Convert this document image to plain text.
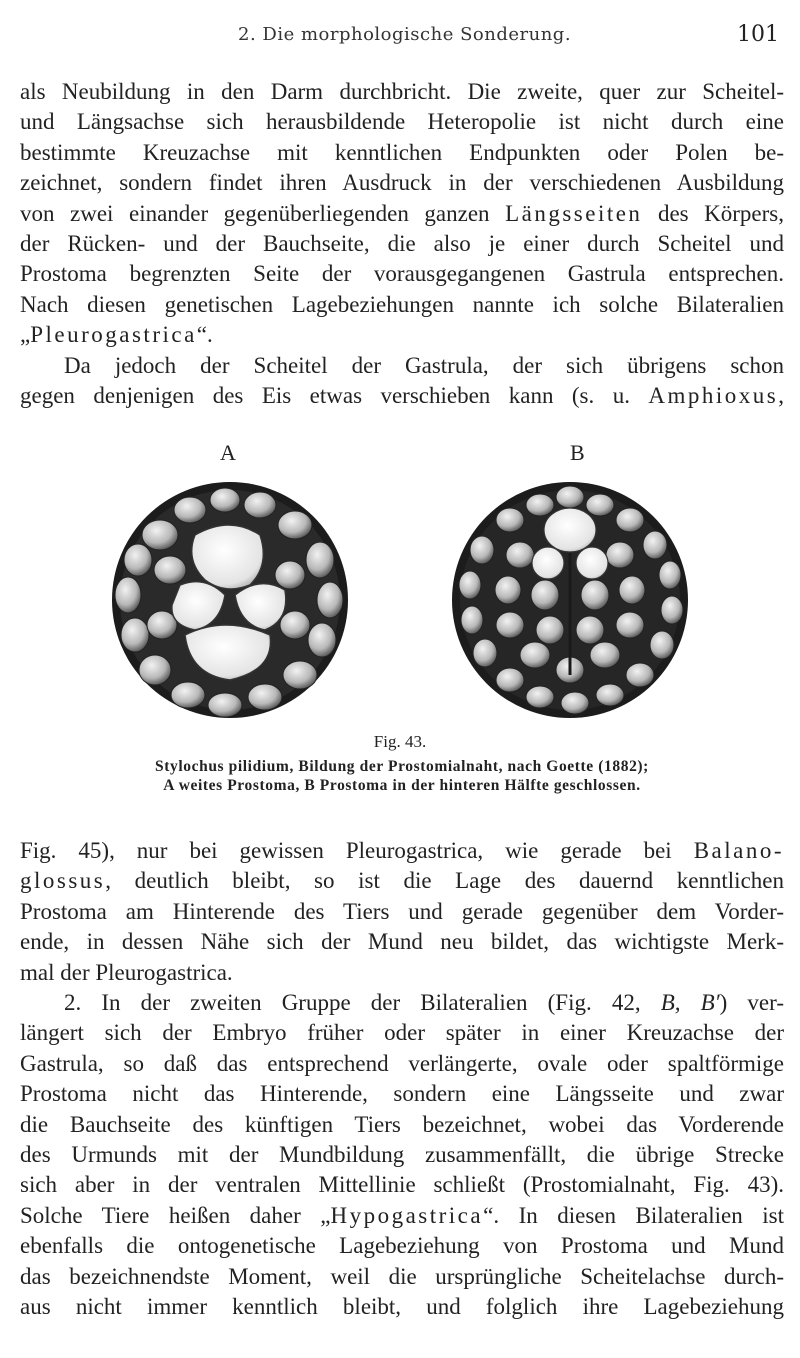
2. Die morphologische Sonderung.	101
als Neubildung in den Darm durchbricht. Die zweite, quer zur Scheitel-
und Längsachse sich herausbildende Heteropolie ist nicht durch eine
bestimmte Kreuzachse mit kenntlichen Endpunkten oder Polen be-
zeichnet, sondern findet ihren Ausdruck in der verschiedenen Ausbildung
von zwei einander gegenüberliegenden ganzen Längsseiten des Körpers,
der Rücken- und der Bauchseite, die also je einer durch Scheitel und
Prostoma begrenzten Seite der vorausgegangenen Gastrula entsprechen.
Nach diesen genetischen Lagebeziehungen nannte ich solche Bilateralien
„Pleurogastrica“.
Da jedoch der Scheitel der Gastrula, der sich übrigens schon
gegen denjenigen des Eis etwas verschieben kann (s. u. Amphioxus,
A	B
Fig. 43.
Stylochus pilidium, Bildung der Prostomialnaht, nach Goette (1882);
A weites Prostoma, B Prostoma in der hinteren Hälfte geschlossen.
Fig. 45), nur bei gewissen Pleurogastrica, wie gerade bei Balano-
glossus, deutlich bleibt, so ist die Lage des dauernd kenntlichen
Prostoma am Hinterende des Tiers und gerade gegenüber dem Vorder-
ende, in dessen Nähe sich der Mund neu bildet, das wichtigste Merk-
mal der Pleurogastrica.
2. In der zweiten Gruppe der Bilateralien (Fig. 42, B, B′) ver-
längert sich der Embryo früher oder später in einer Kreuzachse der
Gastrula, so daß das entsprechend verlängerte, ovale oder spaltförmige
Prostoma nicht das Hinterende, sondern eine Längsseite und zwar
die Bauchseite des künftigen Tiers bezeichnet, wobei das Vorderende
des Urmunds mit der Mundbildung zusammenfällt, die übrige Strecke
sich aber in der ventralen Mittellinie schließt (Prostomialnaht, Fig. 43).
Solche Tiere heißen daher „Hypogastrica“. In diesen Bilateralien ist
ebenfalls die ontogenetische Lagebeziehung von Prostoma und Mund
das bezeichnendste Moment, weil die ursprüngliche Scheitelachse durch-
aus nicht immer kenntlich bleibt, und folglich ihre Lagebeziehung
